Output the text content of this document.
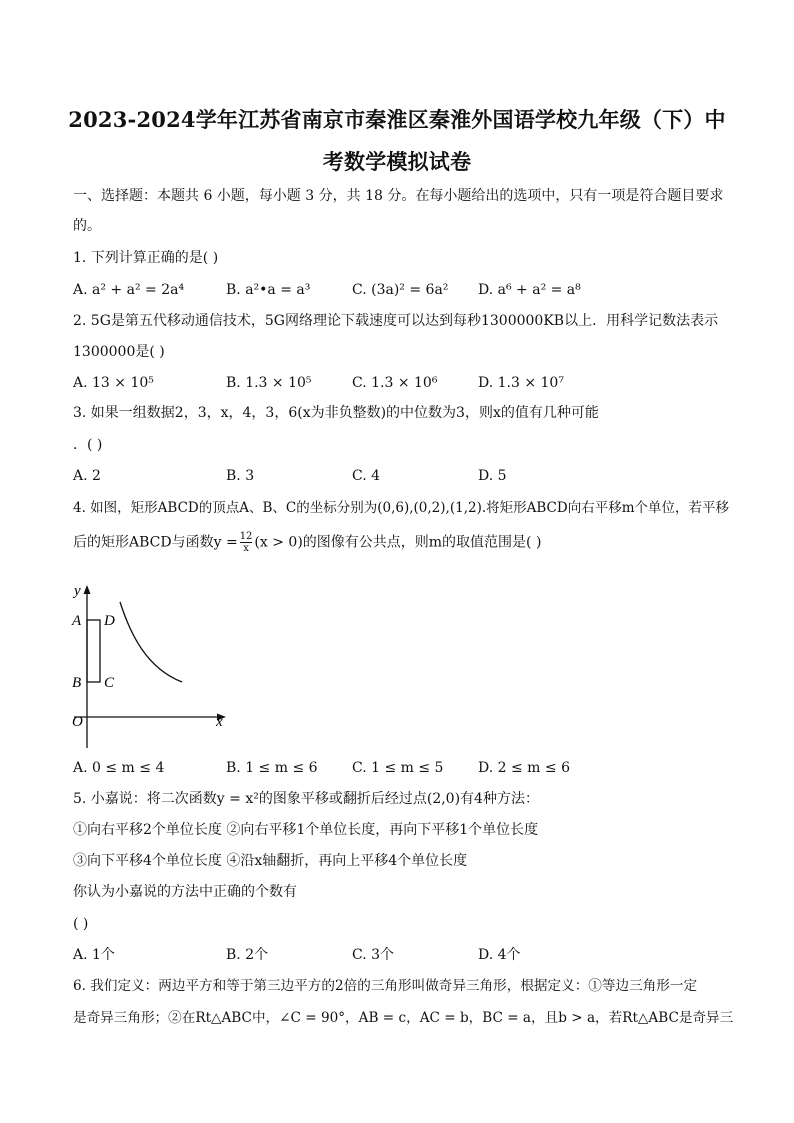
2023-2024学年江苏省南京市秦淮区秦淮外国语学校九年级（下）中
考数学模拟试卷
一、选择题：本题共 6 小题，每小题 3 分，共 18 分。在每小题给出的选项中，只有一项是符合题目要求
的。
1. 下列计算正确的是( )
A. a² + a² = 2a⁴	B. a²•a = a³	C. (3a)² = 6a² D. a⁶ + a² = a⁸
2. 5G是第五代移动通信技术，5G网络理论下载速度可以达到每秒1300000KB以上．用科学记数法表示
1300000是( )
A. 13 × 10⁵	B. 1.3 × 10⁵	C. 1.3 × 10⁶	D. 1.3 × 10⁷
3. 如果一组数据2，3，x，4，3，6(x为非负整数)的中位数为3，则x的值有几种可能
．( )
A. 2	B. 3	C. 4	D. 5
4. 如图，矩形ABCD的顶点A、B、C的坐标分别为(0,6),(0,2),(1,2).将矩形ABCD向右平移m个单位，若平移
后的矩形ABCD与函数$y = \frac{12}{x} (x > 0)$的图像有公共点，则m的取值范围是( )
y
x
A
B C
D
O
A. 0 ≤ m ≤ 4	B. 1 ≤ m ≤ 6 C. 1 ≤ m ≤ 5 D. 2 ≤ m ≤ 6
5. 小嘉说：将二次函数y = x²的图象平移或翻折后经过点(2,0)有4种方法：
①向右平移2个单位长度 ②向右平移1个单位长度，再向下平移1个单位长度
③向下平移4个单位长度 ④沿x轴翻折，再向上平移4个单位长度
你认为小嘉说的方法中正确的个数有
( )
A. 1个	B. 2个	C. 3个	D. 4个
6. 我们定义：两边平方和等于第三边平方的2倍的三角形叫做奇异三角形，根据定义：①等边三角形一定
是奇异三角形；②在Rt△ABC中，∠C = 90°，AB = c，AC = b，BC = a，且b > a，若Rt△ABC是奇异三
